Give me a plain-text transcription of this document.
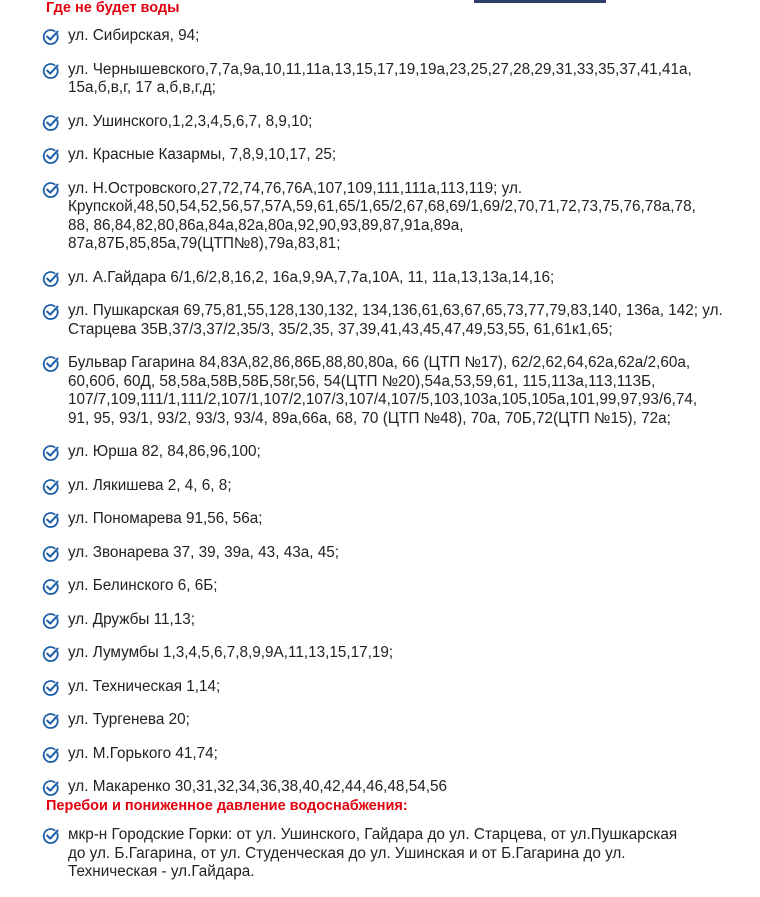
Где не будет воды
ул. Сибирская, 94;
ул. Чернышевского,7,7а,9а,10,11,11а,13,15,17,19,19а,23,25,27,28,29,31,33,35,37,41,41а,
15а,б,в,г, 17 а,б,в,г,д;
ул. Ушинского,1,2,3,4,5,6,7, 8,9,10;
ул. Красные Казармы, 7,8,9,10,17, 25;
ул. Н.Островского,27,72,74,76,76А,107,109,111,111а,113,119; ул.
Крупской,48,50,54,52,56,57,57А,59,61,65/1,65/2,67,68,69/1,69/2,70,71,72,73,75,76,78а,78,
88, 86,84,82,80,86а,84а,82а,80а,92,90,93,89,87,91а,89а,
87а,87Б,85,85а,79(ЦТП№8),79а,83,81;
ул. А.Гайдара 6/1,6/2,8,16,2, 16а,9,9А,7,7а,10А, 11, 11а,13,13а,14,16;
ул. Пушкарская 69,75,81,55,128,130,132, 134,136,61,63,67,65,73,77,79,83,140, 136а, 142; ул.
Старцева 35В,37/3,37/2,35/3, 35/2,35, 37,39,41,43,45,47,49,53,55, 61,61к1,65;
Бульвар Гагарина 84,83А,82,86,86Б,88,80,80а, 66 (ЦТП №17), 62/2,62,64,62а,62а/2,60а,
60,60б, 60Д, 58,58а,58В,58Б,58г,56, 54(ЦТП №20),54а,53,59,61, 115,113а,113,113Б,
107/7,109,111/1,111/2,107/1,107/2,107/3,107/4,107/5,103,103а,105,105а,101,99,97,93/6,74,
91, 95, 93/1, 93/2, 93/3, 93/4, 89а,66а, 68, 70 (ЦТП №48), 70а, 70Б,72(ЦТП №15), 72а;
ул. Юрша 82, 84,86,96,100;
ул. Лякишева 2, 4, 6, 8;
ул. Пономарева 91,56, 56а;
ул. Звонарева 37, 39, 39а, 43, 43а, 45;
ул. Белинского 6, 6Б;
ул. Дружбы 11,13;
ул. Лумумбы 1,3,4,5,6,7,8,9,9А,11,13,15,17,19;
ул. Техническая 1,14;
ул. Тургенева 20;
ул. М.Горького 41,74;
ул. Макаренко 30,31,32,34,36,38,40,42,44,46,48,54,56
Перебои и пониженное давление водоснабжения:
мкр-н Городские Горки: от ул. Ушинского, Гайдара до ул. Старцева, от ул.Пушкарская
до ул. Б.Гагарина, от ул. Студенческая до ул. Ушинская и от Б.Гагарина до ул.
Техническая - ул.Гайдара.
